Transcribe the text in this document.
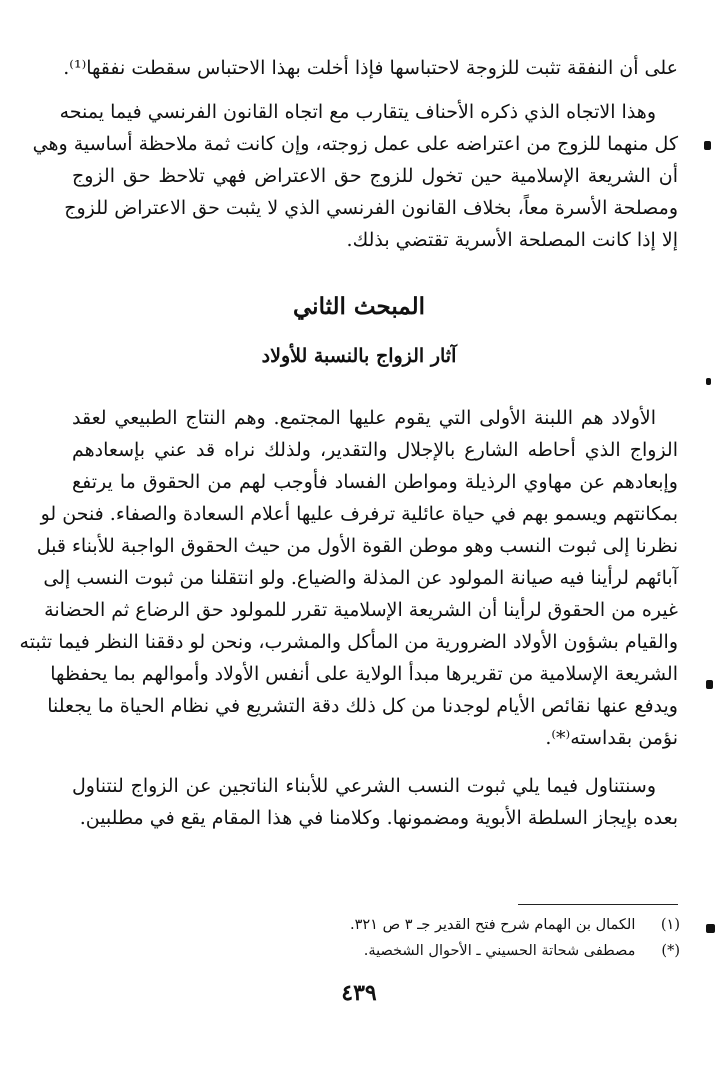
على أن النفقة تثبت للزوجة لاحتباسها فإذا أخلت بهذا الاحتباس سقطت نفقها⁽¹⁾.
وهذا الاتجاه الذي ذكره الأحناف يتقارب مع اتجاه القانون الفرنسي فيما يمنحه
كل منهما للزوج من اعتراضه على عمل زوجته، وإن كانت ثمة ملاحظة أساسية وهي
أن الشريعة الإسلامية حين تخول للزوج حق الاعتراض فهي تلاحظ حق الزوج
ومصلحة الأسرة معاً، بخلاف القانون الفرنسي الذي لا يثبت حق الاعتراض للزوج
إلا إذا كانت المصلحة الأسرية تقتضي بذلك.
المبحث الثاني
آثار الزواج بالنسبة للأولاد
الأولاد هم اللبنة الأولى التي يقوم عليها المجتمع. وهم النتاج الطبيعي لعقد
الزواج الذي أحاطه الشارع بالإجلال والتقدير، ولذلك نراه قد عني بإسعادهم
وإبعادهم عن مهاوي الرذيلة ومواطن الفساد فأوجب لهم من الحقوق ما يرتفع
بمكانتهم ويسمو بهم في حياة عائلية ترفرف عليها أعلام السعادة والصفاء. فنحن لو
نظرنا إلى ثبوت النسب وهو موطن القوة الأول من حيث الحقوق الواجبة للأبناء قبل
آبائهم لرأينا فيه صيانة المولود عن المذلة والضياع. ولو انتقلنا من ثبوت النسب إلى
غيره من الحقوق لرأينا أن الشريعة الإسلامية تقرر للمولود حق الرضاع ثم الحضانة
والقيام بشؤون الأولاد الضرورية من المأكل والمشرب، ونحن لو دققنا النظر فيما تثبته
الشريعة الإسلامية من تقريرها مبدأ الولاية على أنفس الأولاد وأموالهم بما يحفظها
ويدفع عنها نقائص الأيام لوجدنا من كل ذلك دقة التشريع في نظام الحياة ما يجعلنا
نؤمن بقداسته⁽*⁾.
وسنتناول فيما يلي ثبوت النسب الشرعي للأبناء الناتجين عن الزواج لنتناول
بعده بإيجاز السلطة الأبوية ومضمونها. وكلامنا في هذا المقام يقع في مطلبين.
(١) الكمال بن الهمام شرح فتح القدير جـ ٣ ص ٣٢١.
(*) مصطفى شحاتة الحسيني ـ الأحوال الشخصية.
٤٣٩
